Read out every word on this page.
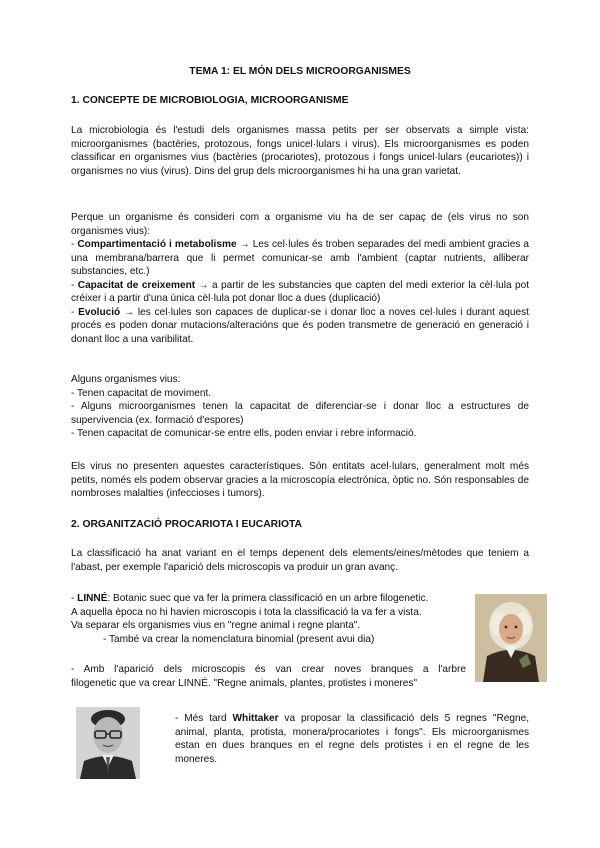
TEMA 1: EL MÓN DELS MICROORGANISMES
1. CONCEPTE DE MICROBIOLOGIA, MICROORGANISME

La microbiologia és l'estudi dels organismes massa petits per ser observats a simple vista: microorganismes (bactèries, protozous, fongs unicel·lulars i virus). Els microorganismes es poden classificar en organismes vius (bactèries (procariotes), protozous i fongs unicel·lulars (eucariotes)) i organismes no vius (virus). Dins del grup dels microorganismes hi ha una gran varietat.

Perque un organisme és consideri com a organisme viu ha de ser capaç de (els virus no son organismes vius):

- Compartimentació i metabolisme → Les cel·lules és troben separades del medi ambient gracies a una membrana/barrera que li permet comunicar-se amb l'ambient (captar nutrients, alliberar substancies, etc.)
- Capacitat de creixement → a partir de les substancies que capten del medi exterior la cèl·lula pot créixer i a partir d'una única cèl·lula pot donar lloc a dues (duplicació)
- Evolució → les cel·lules son capaces de duplicar-se i donar lloc a noves cel·lules i durant aquest procés es poden donar mutacions/alteracións que és poden transmetre de generació en generació i donant lloc a una varibilitat.
Alguns organismes vius:
- Tenen capacitat de moviment.
- Alguns microorganismes tenen la capacitat de diferenciar-se i donar lloc a estructures de supervivencia (ex. formació d'espores)
- Tenen capacitat de comunicar-se entre ells, poden enviar i rebre informació.

Els virus no presenten aquestes característiques. Són entitats acel·lulars, generalment molt més petits, només els podem observar gracies a la microscopía electrónica, òptic no. Són responsables de nombroses malalties (infeccioses i tumors).

2. ORGANITZACIÓ PROCARIOTA I EUCARIOTA

La classificació ha anat variant en el temps depenent dels elements/eines/mètodes que teniem a l'abast, per exemple l'aparició dels microscopis va produir un gran avanç.

- LINNÉ: Botanic suec que va fer la primera classificació en un arbre filogenetic.
A aquella època no hi havien microscopis i tota la classificació la va fer a vista.
Va separar els organismes vius en "regne animal i regne planta".
- També va crear la nomenclatura binomial (present avui dia)
- Amb l'aparició dels microscopis és van crear noves branques a l'arbre
filogenetic que va crear LINNÉ. "Regne animals, plantes, protistes i moneres"
- Més tard Whittaker va proposar la classificació dels 5 regnes "Regne, animal, planta, protista, monera/procariotes i fongs". Els microorganismes estan en dues branques en el regne dels protistes i en el regne de les moneres.
